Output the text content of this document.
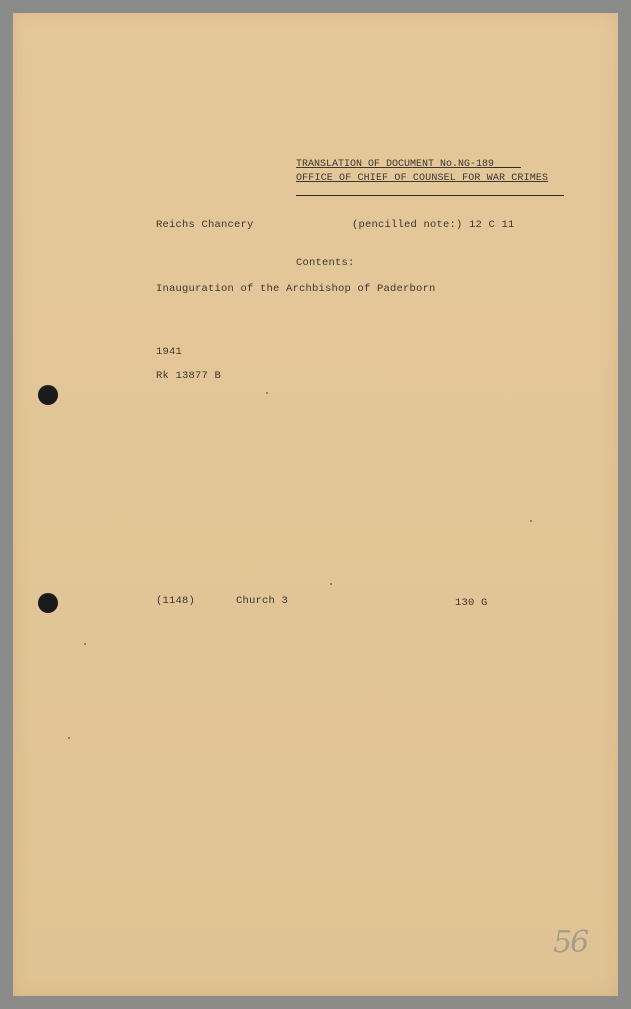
TRANSLATION OF DOCUMENT No.NG-189
OFFICE OF CHIEF OF COUNSEL FOR WAR CRIMES
Reichs Chancery	(pencilled note:) 12 C 11
Contents:
Inauguration of the Archbishop of Paderborn
1941
Rk 13877 B
(1148)	Church 3	130 G
56
